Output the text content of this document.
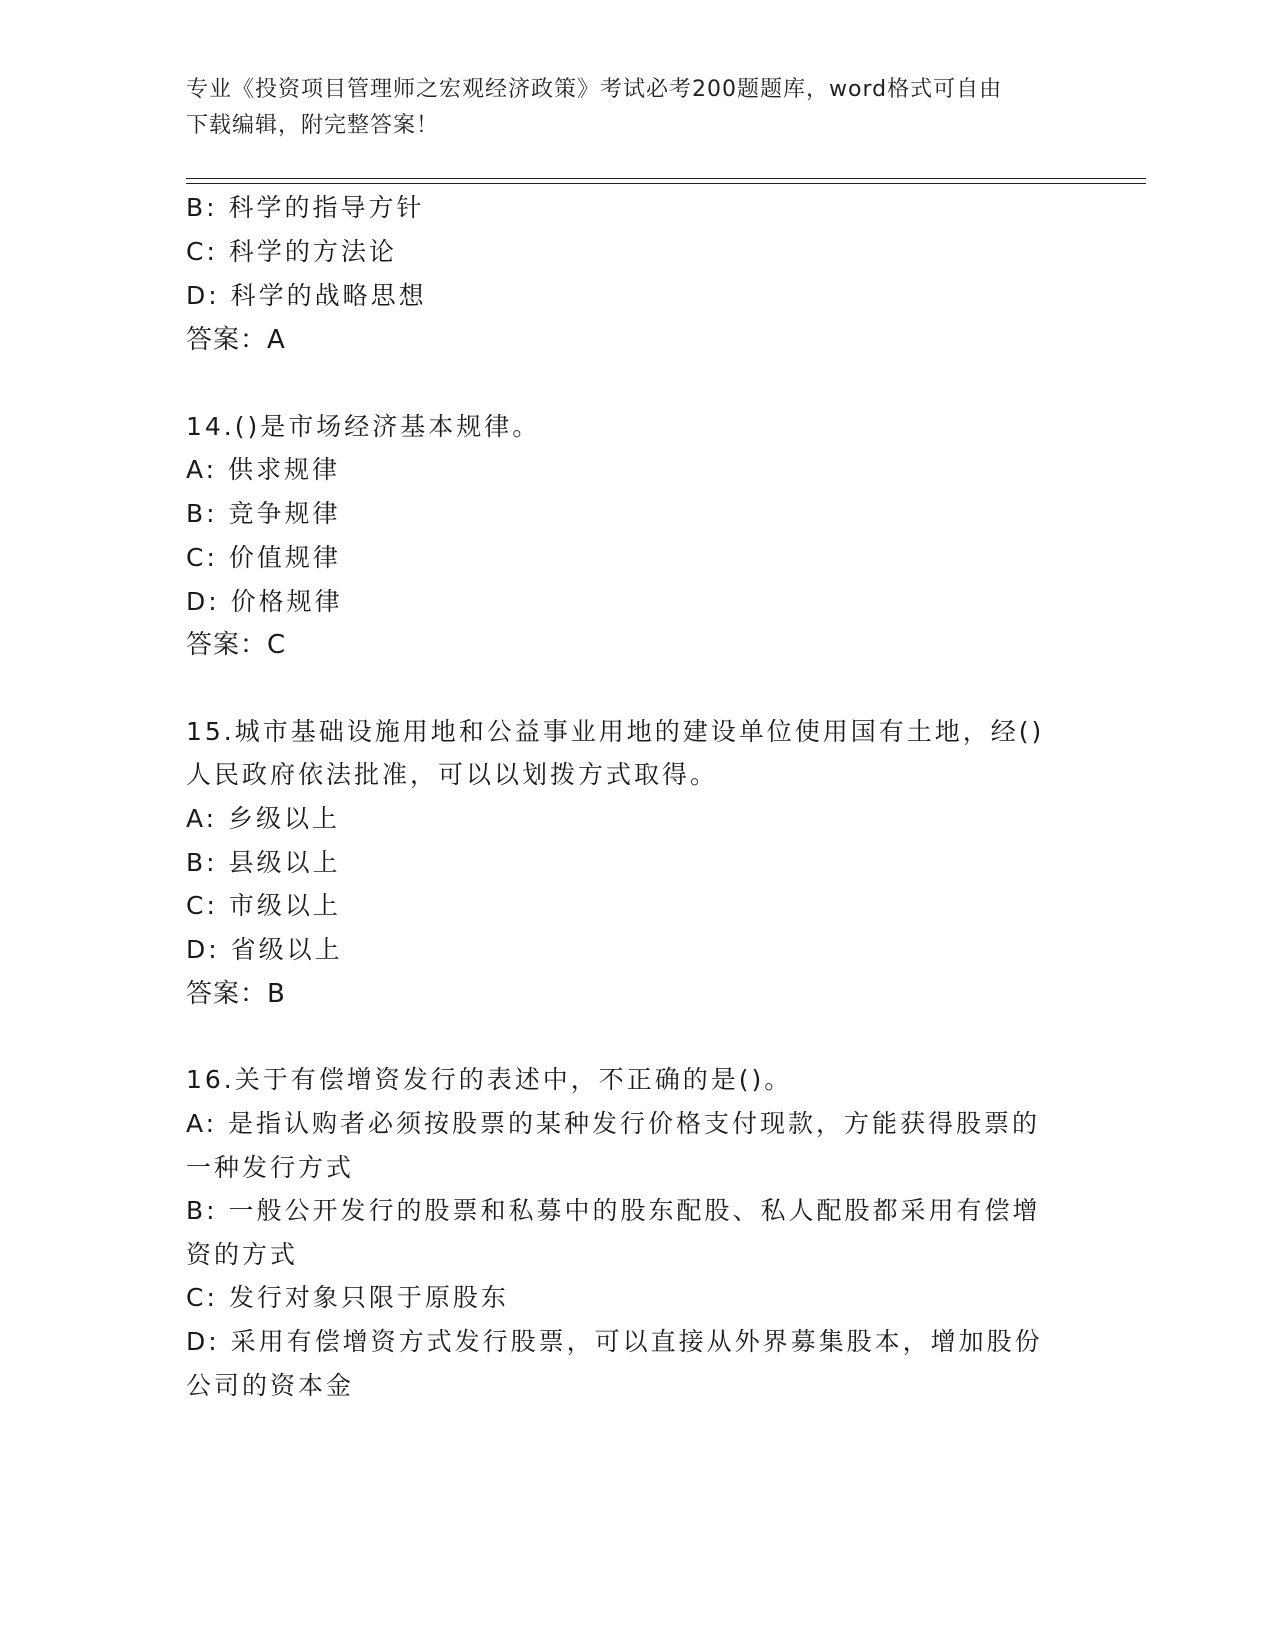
专业《投资项目管理师之宏观经济政策》考试必考200题题库，word格式可自由
下载编辑，附完整答案！
B: 科学的指导方针
C: 科学的方法论
D: 科学的战略思想
答案：A
14.()是市场经济基本规律。
A: 供求规律
B: 竞争规律
C: 价值规律
D: 价格规律
答案：C
15.城市基础设施用地和公益事业用地的建设单位使用国有土地，经()
人民政府依法批准，可以以划拨方式取得。
A: 乡级以上
B: 县级以上
C: 市级以上
D: 省级以上
答案：B
16.关于有偿增资发行的表述中，不正确的是()。
A: 是指认购者必须按股票的某种发行价格支付现款，方能获得股票的
一种发行方式
B: 一般公开发行的股票和私募中的股东配股、私人配股都采用有偿增
资的方式
C: 发行对象只限于原股东
D: 采用有偿增资方式发行股票，可以直接从外界募集股本，增加股份
公司的资本金
